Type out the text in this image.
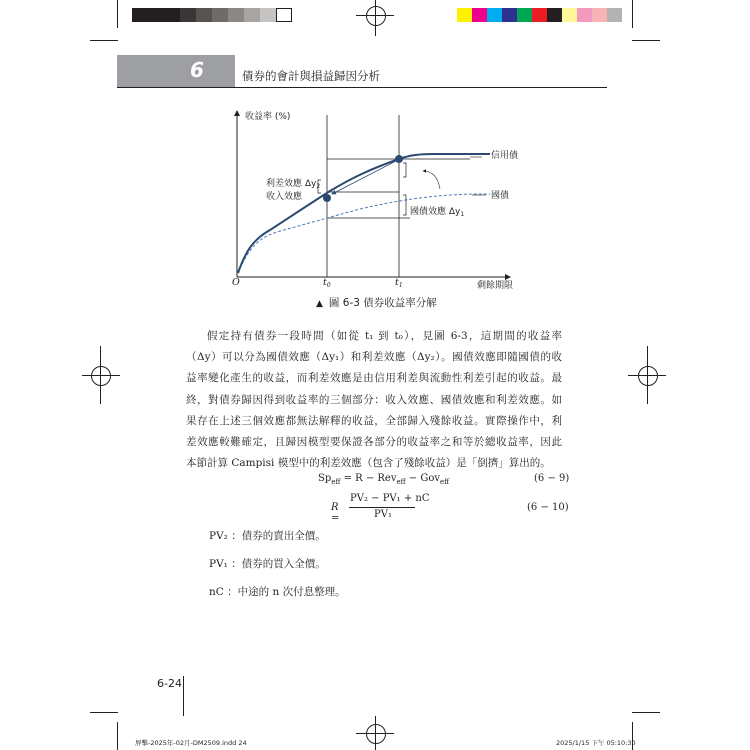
6	債券的會計與損益歸因分析
收益率 (%)
剩餘期限
O	$t_0$	$t_1$
利差效應 $\Delta y_2$
收入效應
國債效應 $\Delta y_1$
信用債
國債
▲ 圖 6-3 債券收益率分解
假定持有債券一段時間（如從 t₁ 到 t₀），見圖 6-3，這期間的收益率
（Δy）可以分為國債效應（Δy₁）和利差效應（Δy₂）。國債效應即隨國債的收
益率變化產生的收益，而利差效應是由信用利差與流動性利差引起的收益。最
終，對債券歸因得到收益率的三個部分：收入效應、國債效應和利差效應。如
果存在上述三個效應都無法解釋的收益，全部歸入殘餘收益。實際操作中，利
差效應較難確定，且歸因模型要保證各部分的收益率之和等於總收益率，因此
本節計算 Campisi 模型中的利差效應（包含了殘餘收益）是「倒擠」算出的。
$Sp_{eff} = R - Rev_{eff} - Gov_{eff}$	(6 − 9)
R =
PV₂ − PV₁ + nC
PV₁
(6 − 10)
PV₂ ：債券的賣出全價。
PV₁ ：債券的買入全價。
nC ：中途的 n 次付息整理。
6-24
屏擊-2025年-02月-DM2509.indd 24	2025/1/15 下午 05:10:30
